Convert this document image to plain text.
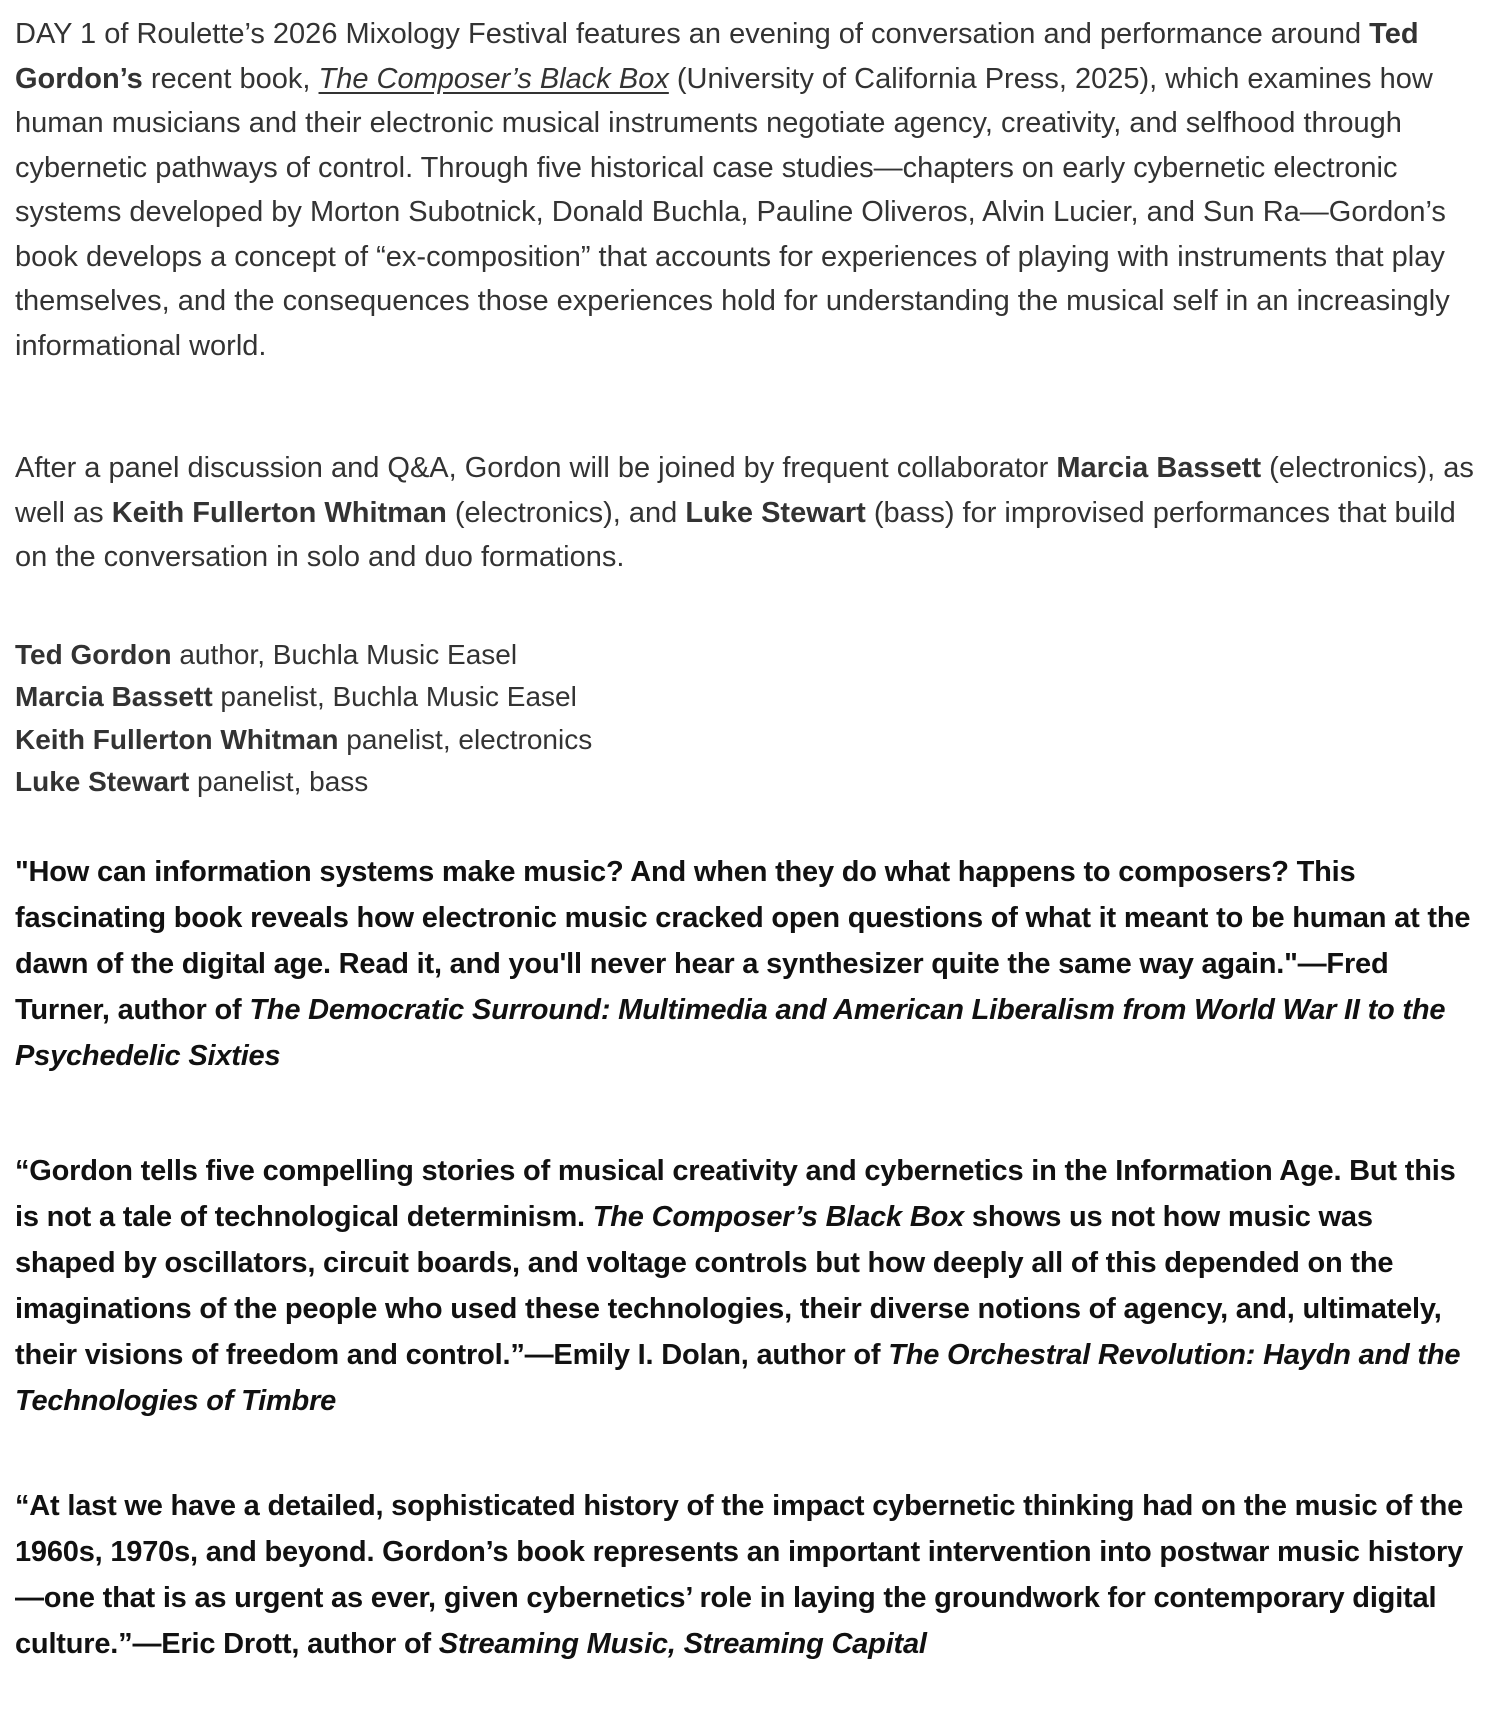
DAY 1 of Roulette’s 2026 Mixology Festival features an evening of conversation and performance around Ted Gordon’s recent book, The Composer’s Black Box (University of California Press, 2025), which examines how human musicians and their electronic musical instruments negotiate agency, creativity, and selfhood through cybernetic pathways of control. Through five historical case studies—chapters on early cybernetic electronic systems developed by Morton Subotnick, Donald Buchla, Pauline Oliveros, Alvin Lucier, and Sun Ra—Gordon’s book develops a concept of “ex-composition” that accounts for experiences of playing with instruments that play themselves, and the consequences those experiences hold for understanding the musical self in an increasingly informational world.

After a panel discussion and Q&A, Gordon will be joined by frequent collaborator Marcia Bassett (electronics), as well as Keith Fullerton Whitman (electronics), and Luke Stewart (bass) for improvised performances that build on the conversation in solo and duo formations.

Ted Gordon author, Buchla Music Easel
Marcia Bassett panelist, Buchla Music Easel
Keith Fullerton Whitman panelist, electronics
Luke Stewart panelist, bass

"How can information systems make music? And when they do what happens to composers? This fascinating book reveals how electronic music cracked open questions of what it meant to be human at the dawn of the digital age. Read it, and you'll never hear a synthesizer quite the same way again."—Fred Turner, author of The Democratic Surround: Multimedia and American Liberalism from World War II to the Psychedelic Sixties

“Gordon tells five compelling stories of musical creativity and cybernetics in the Information Age. But this is not a tale of technological determinism. The Composer’s Black Box shows us not how music was shaped by oscillators, circuit boards, and voltage controls but how deeply all of this depended on the imaginations of the people who used these technologies, their diverse notions of agency, and, ultimately, their visions of freedom and control.”—Emily I. Dolan, author of The Orchestral Revolution: Haydn and the Technologies of Timbre

“At last we have a detailed, sophisticated history of the impact cybernetic thinking had on the music of the 1960s, 1970s, and beyond. Gordon’s book represents an important intervention into postwar music history—one that is as urgent as ever, given cybernetics’ role in laying the groundwork for contemporary digital culture.”—Eric Drott, author of Streaming Music, Streaming Capital
